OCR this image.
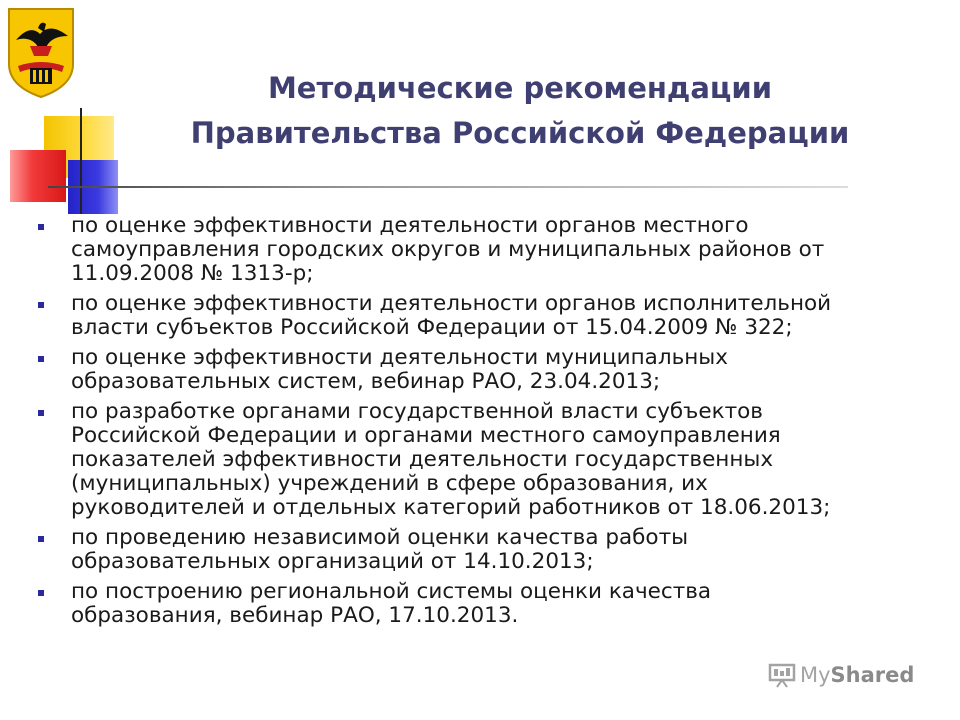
Методические рекомендации
Правительства Российской Федерации
по оценке эффективности деятельности органов местного
самоуправления городских округов и муниципальных районов от
11.09.2008 № 1313-р;
по оценке эффективности деятельности органов исполнительной
власти субъектов Российской Федерации от 15.04.2009 № 322;
по оценке эффективности деятельности муниципальных
образовательных систем, вебинар РАО, 23.04.2013;
по разработке органами государственной власти субъектов
Российской Федерации и органами местного самоуправления
показателей эффективности деятельности государственных
(муниципальных) учреждений в сфере образования, их
руководителей и отдельных категорий работников от 18.06.2013;
по проведению независимой оценки качества работы
образовательных организаций от 14.10.2013;
по построению региональной системы оценки качества
образования, вебинар РАО, 17.10.2013.
MyShared
